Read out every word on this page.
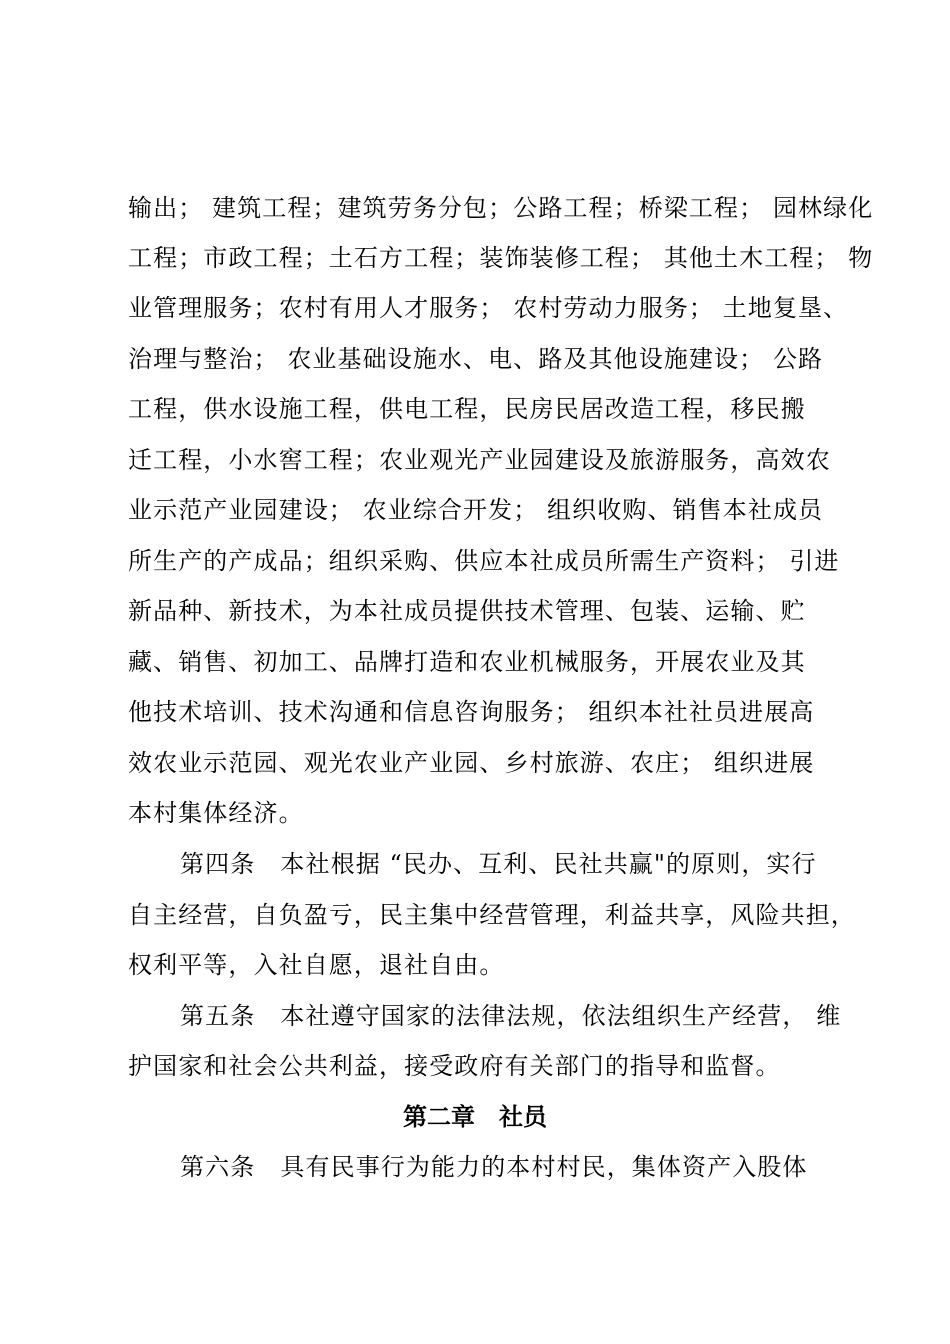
输出； 建筑工程；建筑劳务分包；公路工程；桥梁工程； 园林绿化
工程；市政工程；土石方工程；装饰装修工程； 其他土木工程； 物
业管理服务；农村有用人才服务； 农村劳动力服务； 土地复垦、
治理与整治； 农业基础设施水、电、路及其他设施建设； 公路
工程，供水设施工程，供电工程，民房民居改造工程，移民搬
迁工程，小水窖工程；农业观光产业园建设及旅游服务，高效农
业示范产业园建设； 农业综合开发； 组织收购、销售本社成员
所生产的产成品；组织采购、供应本社成员所需生产资料； 引进
新品种、新技术，为本社成员提供技术管理、包装、运输、贮
藏、销售、初加工、品牌打造和农业机械服务，开展农业及其
他技术培训、技术沟通和信息咨询服务； 组织本社社员进展高
效农业示范园、观光农业产业园、乡村旅游、农庄； 组织进展
本村集体经济。
第四条　本社根据 “民办、互利、民社共赢"的原则，实行
自主经营，自负盈亏，民主集中经营管理，利益共享，风险共担，
权利平等，入社自愿，退社自由。
第五条　本社遵守国家的法律法规，依法组织生产经营， 维
护国家和社会公共利益，接受政府有关部门的指导和监督。
第二章　社员
第六条　具有民事行为能力的本村村民，集体资产入股体
